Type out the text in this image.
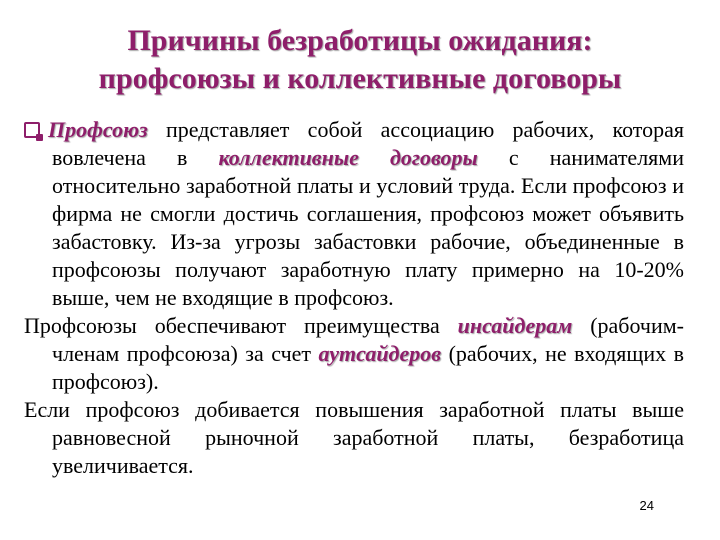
Причины безработицы ожидания:
профсоюзы и коллективные договоры

Профсоюз представляет собой ассоциацию рабочих, которая вовлечена в коллективные договоры с нанимателями относительно заработной платы и условий труда. Если профсоюз и фирма не смогли достичь соглашения, профсоюз может объявить забастовку. Из-за угрозы забастовки рабочие, объединенные в профсоюзы получают заработную плату примерно на 10-20% выше, чем не входящие в профсоюз.

Профсоюзы обеспечивают преимущества инсайдерам (рабочим-членам профсоюза) за счет аутсайдеров (рабочих, не входящих в профсоюз).

Если профсоюз добивается повышения заработной платы выше равновесной рыночной заработной платы, безработица увеличивается.

24
